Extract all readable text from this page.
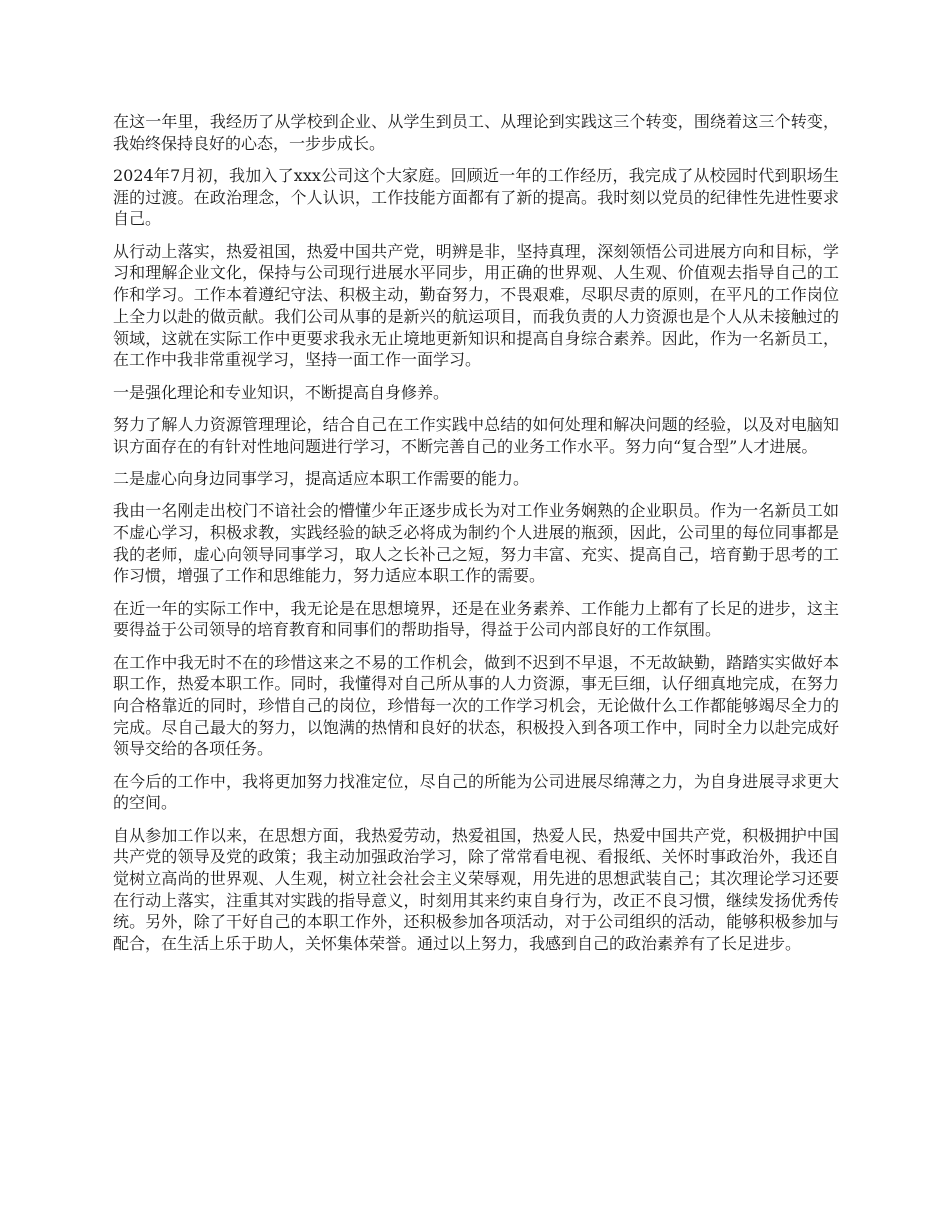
在这一年里，我经历了从学校到企业、从学生到员工、从理论到实践这三个转变，围绕着这三个转变，我始终保持良好的心态，一步步成长。

2024年7月初，我加入了xxx公司这个大家庭。回顾近一年的工作经历，我完成了从校园时代到职场生涯的过渡。在政治理念，个人认识，工作技能方面都有了新的提高。我时刻以党员的纪律性先进性要求自己。

从行动上落实，热爱祖国，热爱中国共产党，明辨是非，坚持真理，深刻领悟公司进展方向和目标，学习和理解企业文化，保持与公司现行进展水平同步，用正确的世界观、人生观、价值观去指导自己的工作和学习。工作本着遵纪守法、积极主动，勤奋努力，不畏艰难，尽职尽责的原则，在平凡的工作岗位上全力以赴的做贡献。我们公司从事的是新兴的航运项目，而我负责的人力资源也是个人从未接触过的领域，这就在实际工作中更要求我永无止境地更新知识和提高自身综合素养。因此，作为一名新员工，在工作中我非常重视学习，坚持一面工作一面学习。

一是强化理论和专业知识，不断提高自身修养。

努力了解人力资源管理理论，结合自己在工作实践中总结的如何处理和解决问题的经验，以及对电脑知识方面存在的有针对性地问题进行学习，不断完善自己的业务工作水平。努力向“复合型”人才进展。

二是虚心向身边同事学习，提高适应本职工作需要的能力。

我由一名刚走出校门不谙社会的懵懂少年正逐步成长为对工作业务娴熟的企业职员。作为一名新员工如不虚心学习，积极求教，实践经验的缺乏必将成为制约个人进展的瓶颈，因此，公司里的每位同事都是我的老师，虚心向领导同事学习，取人之长补己之短，努力丰富、充实、提高自己，培育勤于思考的工作习惯，增强了工作和思维能力，努力适应本职工作的需要。

在近一年的实际工作中，我无论是在思想境界，还是在业务素养、工作能力上都有了长足的进步，这主要得益于公司领导的培育教育和同事们的帮助指导，得益于公司内部良好的工作氛围。

在工作中我无时不在的珍惜这来之不易的工作机会，做到不迟到不早退，不无故缺勤，踏踏实实做好本职工作，热爱本职工作。同时，我懂得对自己所从事的人力资源，事无巨细，认仔细真地完成，在努力向合格靠近的同时，珍惜自己的岗位，珍惜每一次的工作学习机会，无论做什么工作都能够竭尽全力的完成。尽自己最大的努力，以饱满的热情和良好的状态，积极投入到各项工作中，同时全力以赴完成好领导交给的各项任务。

在今后的工作中，我将更加努力找准定位，尽自己的所能为公司进展尽绵薄之力，为自身进展寻求更大的空间。

自从参加工作以来，在思想方面，我热爱劳动，热爱祖国，热爱人民，热爱中国共产党，积极拥护中国共产党的领导及党的政策；我主动加强政治学习，除了常常看电视、看报纸、关怀时事政治外，我还自觉树立高尚的世界观、人生观，树立社会社会主义荣辱观，用先进的思想武装自己；其次理论学习还要在行动上落实，注重其对实践的指导意义，时刻用其来约束自身行为，改正不良习惯，继续发扬优秀传统。另外，除了干好自己的本职工作外，还积极参加各项活动，对于公司组织的活动，能够积极参加与配合，在生活上乐于助人，关怀集体荣誉。通过以上努力，我感到自己的政治素养有了长足进步。
